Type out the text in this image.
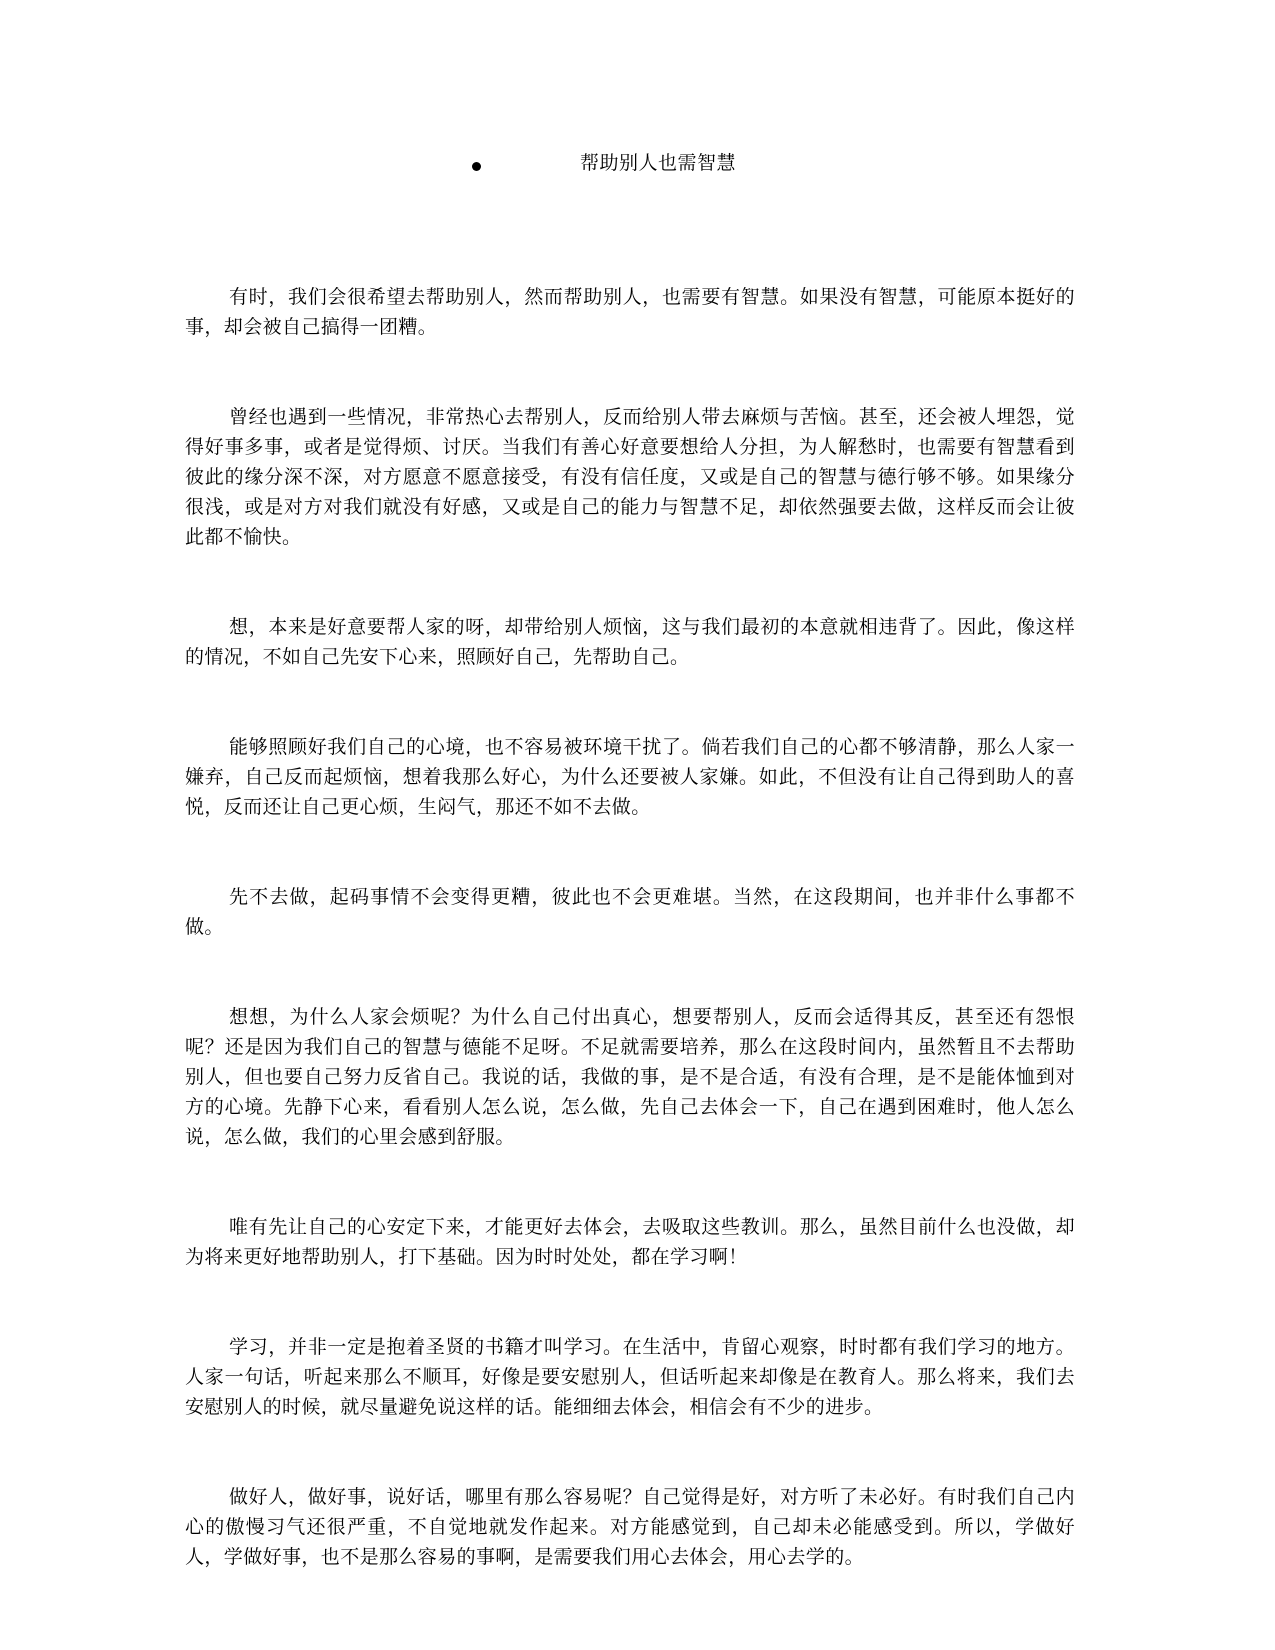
帮助别人也需智慧

有时，我们会很希望去帮助别人，然而帮助别人，也需要有智慧。如果没有智慧，可能原本挺好的事，却会被自己搞得一团糟。

曾经也遇到一些情况，非常热心去帮别人，反而给别人带去麻烦与苦恼。甚至，还会被人埋怨，觉得好事多事，或者是觉得烦、讨厌。当我们有善心好意要想给人分担，为人解愁时，也需要有智慧看到彼此的缘分深不深，对方愿意不愿意接受，有没有信任度，又或是自己的智慧与德行够不够。如果缘分很浅，或是对方对我们就没有好感，又或是自己的能力与智慧不足，却依然强要去做，这样反而会让彼此都不愉快。

想，本来是好意要帮人家的呀，却带给别人烦恼，这与我们最初的本意就相违背了。因此，像这样的情况，不如自己先安下心来，照顾好自己，先帮助自己。

能够照顾好我们自己的心境，也不容易被环境干扰了。倘若我们自己的心都不够清静，那么人家一嫌弃，自己反而起烦恼，想着我那么好心，为什么还要被人家嫌。如此，不但没有让自己得到助人的喜悦，反而还让自己更心烦，生闷气，那还不如不去做。

先不去做，起码事情不会变得更糟，彼此也不会更难堪。当然，在这段期间，也并非什么事都不做。

想想，为什么人家会烦呢？为什么自己付出真心，想要帮别人，反而会适得其反，甚至还有怨恨呢？还是因为我们自己的智慧与德能不足呀。不足就需要培养，那么在这段时间内，虽然暂且不去帮助别人，但也要自己努力反省自己。我说的话，我做的事，是不是合适，有没有合理，是不是能体恤到对方的心境。先静下心来，看看别人怎么说，怎么做，先自己去体会一下，自己在遇到困难时，他人怎么说，怎么做，我们的心里会感到舒服。

唯有先让自己的心安定下来，才能更好去体会，去吸取这些教训。那么，虽然目前什么也没做，却为将来更好地帮助别人，打下基础。因为时时处处，都在学习啊！

学习，并非一定是抱着圣贤的书籍才叫学习。在生活中，肯留心观察，时时都有我们学习的地方。人家一句话，听起来那么不顺耳，好像是要安慰别人，但话听起来却像是在教育人。那么将来，我们去安慰别人的时候，就尽量避免说这样的话。能细细去体会，相信会有不少的进步。

做好人，做好事，说好话，哪里有那么容易呢？自己觉得是好，对方听了未必好。有时我们自己内心的傲慢习气还很严重，不自觉地就发作起来。对方能感觉到，自己却未必能感受到。所以，学做好人，学做好事，也不是那么容易的事啊，是需要我们用心去体会，用心去学的。
